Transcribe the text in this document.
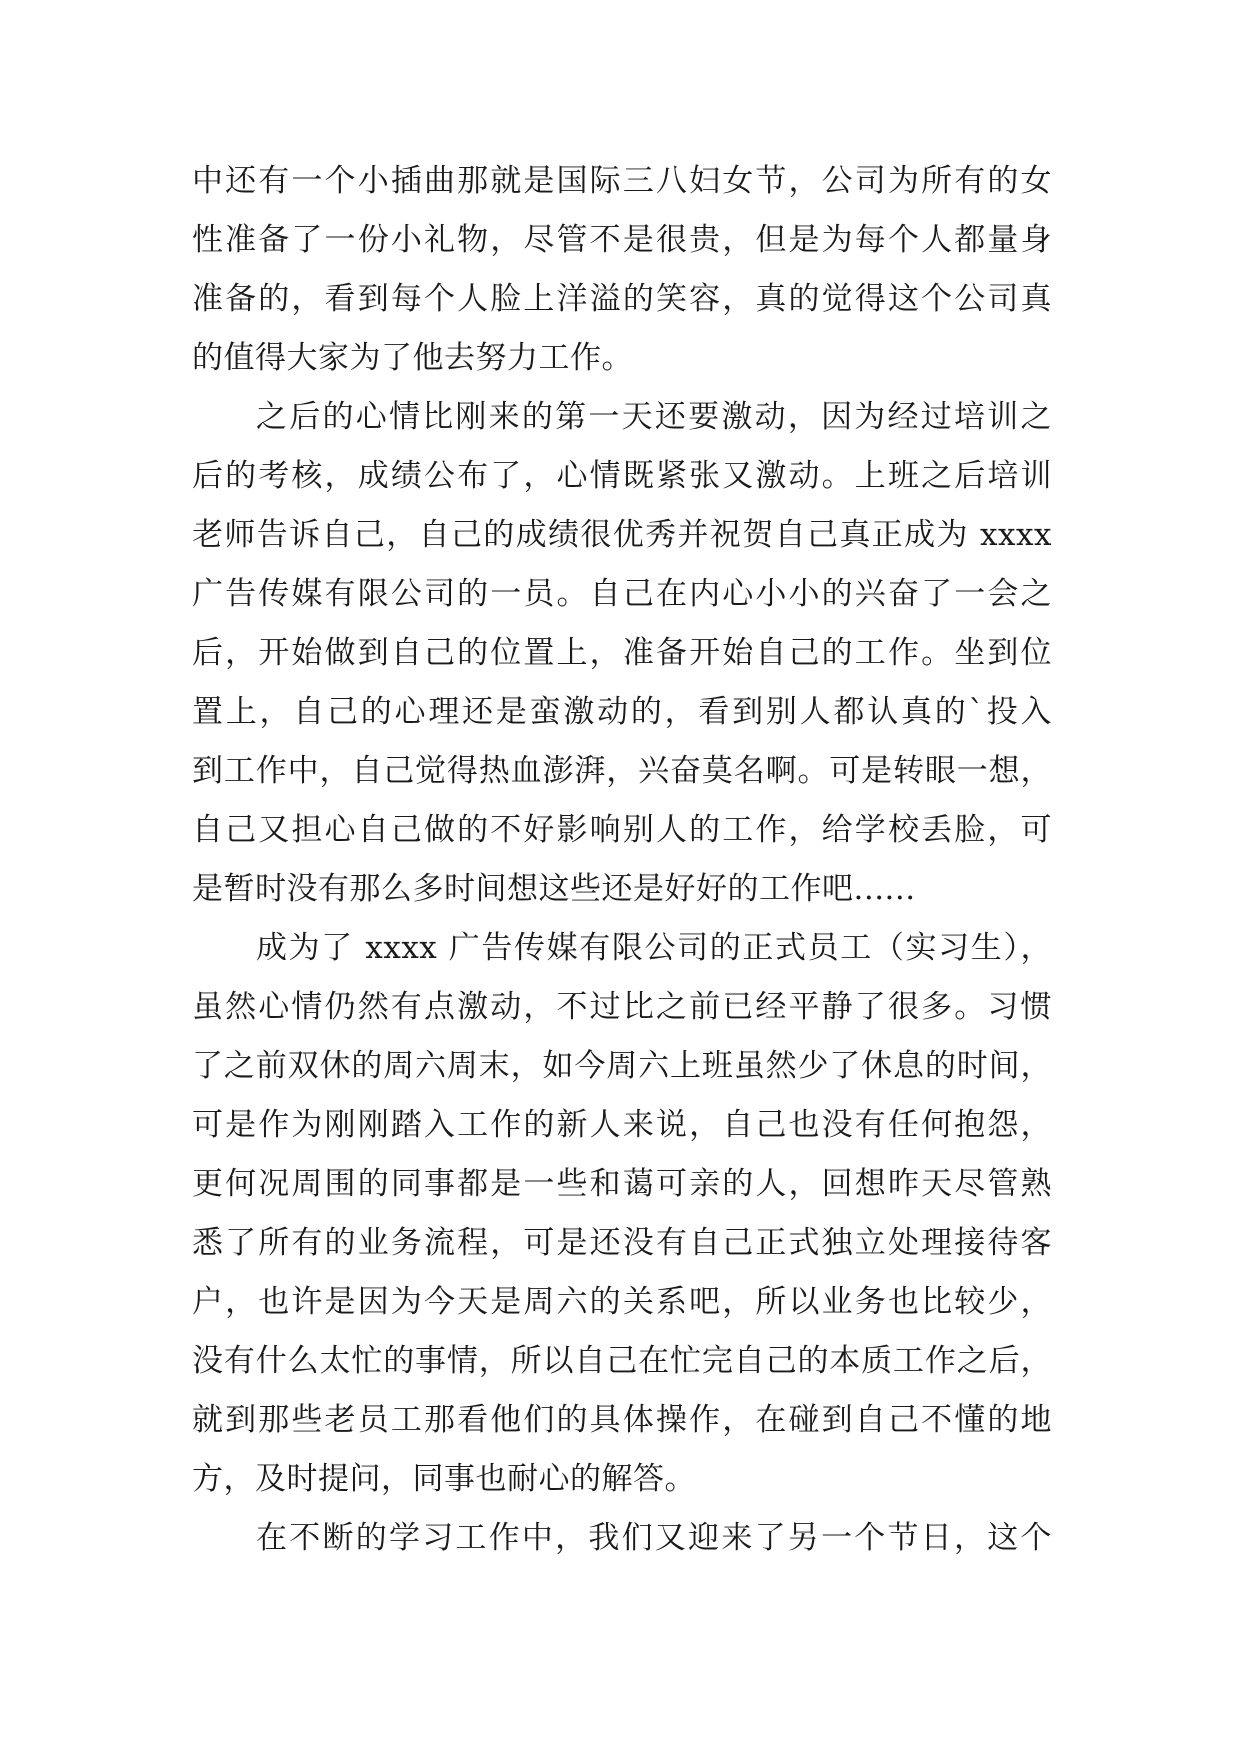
中还有一个小插曲那就是国际三八妇女节，公司为所有的女
性准备了一份小礼物，尽管不是很贵，但是为每个人都量身
准备的，看到每个人脸上洋溢的笑容，真的觉得这个公司真
的值得大家为了他去努力工作。
之后的心情比刚来的第一天还要激动，因为经过培训之
后的考核，成绩公布了，心情既紧张又激动。上班之后培训
老师告诉自己，自己的成绩很优秀并祝贺自己真正成为 xxxx
广告传媒有限公司的一员。自己在内心小小的兴奋了一会之
后，开始做到自己的位置上，准备开始自己的工作。坐到位
置上，自己的心理还是蛮激动的，看到别人都认真的`投入
到工作中，自己觉得热血澎湃，兴奋莫名啊。可是转眼一想，
自己又担心自己做的不好影响别人的工作，给学校丢脸，可
是暂时没有那么多时间想这些还是好好的工作吧......
成为了 xxxx 广告传媒有限公司的正式员工（实习生），
虽然心情仍然有点激动，不过比之前已经平静了很多。习惯
了之前双休的周六周末，如今周六上班虽然少了休息的时间，
可是作为刚刚踏入工作的新人来说，自己也没有任何抱怨，
更何况周围的同事都是一些和蔼可亲的人，回想昨天尽管熟
悉了所有的业务流程，可是还没有自己正式独立处理接待客
户，也许是因为今天是周六的关系吧，所以业务也比较少，
没有什么太忙的事情，所以自己在忙完自己的本质工作之后，
就到那些老员工那看他们的具体操作，在碰到自己不懂的地
方，及时提问，同事也耐心的解答。
在不断的学习工作中，我们又迎来了另一个节日，这个
